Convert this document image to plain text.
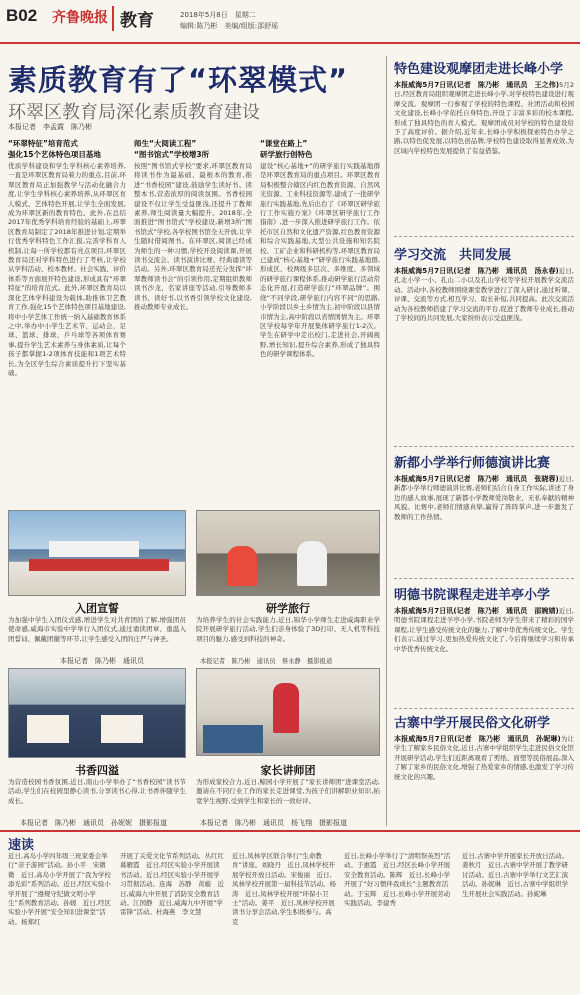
B02 齐鲁晚报 教育	2018年5月8日　星期二
编辑:陈乃彬　美编/组版:邵舒瑶
素质教育有了“环翠模式”
环翠区教育局深化素质教育建设
本报记者　李孟霞　陈乃彬
“环翠特征”培育范式
强化15个艺体特色项目基地
优质学科建设和学生学科核心素养培养,一直是环翠区教育局着力的重点,目前,环翠区教育局正加强教学与活动化融合力度,让学生学科核心素养培养,从环翠区育人模式、艺体特色开展,让学生全面发展,成为环翠区新的教育特色。此外,在总结2017年优秀学科培育经验的基础上,环翠区教育局制定了2018年推进计划,定期举行优秀学科特色工作汇报,完善学科育人机制,让每一所学校都有亮点项目,环翠区教育局还对学科特色进行了考核,让学校从学科活动、校本教材、社会实践、评价体系等方面展开特色建设,形成具有“环翠特征”的培育范式。此外,环翠区教育局以深化艺体学科建设为载体,助推体卫艺教育工作,强化15个艺体特色项目基地建设,将中小学艺体工作统一纳入基础教育体系之中,举办中小学生艺术节、运动会、足球、篮球、排球、乒乓球等各项体育赛事,提升学生艺术素养与身体素质,让每个孩子都掌握1-2项体育技能和1项艺术特长,为全区学生综合素质提升打下坚实基础。
师生“大阅读工程”
“图书馆式”学校增3所
按照“图书馆式学校”要求,环翠区教育局将读书作为最基础、最根本的教育,推进“书香校园”建设,鼓励学生读好书、读整本书,营造浓厚的阅读氛围。书香校园建设不仅让学生受益匪浅,还提升了教师素养,师生阅读量大幅提升。2018年,全面推进“图书馆式”学校建设,新增3所“图书馆式”学校,各学校图书馆全天开放,让学生随时借阅图书。在环翠区,阅读已经成为师生的一种习惯,学校开设阅读课,开展读书交流会、读书演讲比赛、经典诵读等活动。另外,环翠区教育局还充分发挥“环翠教师读书会”的引领作用,定期组织教师读书沙龙、名家讲座等活动,引导教师多读书、读好书,以书香引领学校文化建设,推动教师专业成长。
“课堂在路上”
研学旅行创特色
建设“核心基地+”的研学旅行实践基地群是环翠区教育局的重点项目。环翠区教育局积极整合辖区内红色教育资源、自然风光资源、工业科技资源等,建成了一批研学旅行实践基地,先后出台了《环翠区研学旅行工作实施方案》《环翠区研学旅行工作指南》,进一步深入推进研学旅行工作。依托市区自然和文化遗产资源,红色教育资源和综合实践基地,大型公共设施和知名院校、工矿企业和科研机构等,环翠区教育局已建成“核心基地+”研学旅行实践基地群,形成区、校两级多层次、多维度、多领域的研学旅行课程体系,推动研学旅行活动常态化开展,打造研学旅行“环翠品牌”。围绕“不同学段,研学旅行内容不同“的思路,小学阶段以乡土乡情为主,初中阶段以县情市情为主,高中阶段以省情国情为主。环翠区学校每学年开展集体研学旅行1-2次。学生在研学中走出校门,走进社会,开阔视野,增长知识,提升综合素养,形成了独具特色的研学课程体系。
入团宣誓
为加强中学生入团仪式感,增进学生对共青团的了解,增强团员使命感,威海市实验中学举行入团仪式,通过诵读团章、重温入团誓词、佩戴团徽等环节,让学生感受入团的庄严与神圣。
本报记者　陈乃彬　通讯员
研学旅行
为培养学生的社会实践能力,近日,锦华小学师生走进威海职业学院开展研学旅行活动,学生们亲身体验了3D打印、无人机等科技项目的魅力,感受到科技的神奇。
本报记者　陈乃彬　通讯员　蔡永静　摄影报道
书香四溢
为营造校园书香氛围,近日,南山小学举办了“书香校园”读书节活动,学生们在校园里静心读书,分享读书心得,让书香伴随学生成长。
本报记者　陈乃彬　通讯员　孙妮妮　摄影报道
家长讲师团
为形成家校合力,近日,鲸园小学开展了“家长讲师团”进课堂活动,邀请在不同行业工作的家长走进课堂,为孩子们讲解职业知识,拓宽学生视野,受到学生和家长的一致好评。
本报记者　陈乃彬　通讯员　杨飞翔　摄影报道
特色建设观摩团走进长峰小学
本报威海5月7日讯(记者　陈乃彬　通讯员　王之伟)5月2日,经区教育局组织观摩团走进长峰小学,对学校特色建设进行观摩交流。观摩团一行参观了学校的特色课程、社团活动和校园文化建设,长峰小学依托自身特色,开设了丰富多彩的校本课程,形成了独具特色的育人模式。观摩团成员对学校的特色建设给予了高度评价。据介绍,近年来,长峰小学积极探索特色办学之路,以特色促发展,以特色创品牌,学校特色建设取得显著成效,为区域内学校特色发展提供了有益借鉴。
学习交流　共同发展
本报威海5月7日讯(记者　陈乃彬　通讯员　汤永春)近日,孔北小学一小、孔山二小以及孔山学校等学校开展教学交流活动。活动中,各校教师围绕课堂教学进行了深入研讨,通过听课、评课、交流等方式,相互学习、取长补短,共同提高。此次交流活动为各校教师搭建了学习交流的平台,促进了教师专业成长,推动了学校间的共同发展,大家纷纷表示受益匪浅。
新都小学举行师德演讲比赛
本报威海5月7日讯(记者　陈乃彬　通讯员　张晓蓉)近日,新都小学举行师德演讲比赛,老师们结合自身工作实际,讲述了身边的感人故事,展现了新都小学教师爱岗敬业、无私奉献的精神风貌。比赛中,老师们情感真挚,赢得了阵阵掌声,进一步激发了教师的工作热情。
明德书院课程走进羊亭小学
本报威海5月7日讯(记者　陈乃彬　通讯员　邵婉婧)近日,明德书院课程走进羊亭小学,书院老师为学生带来了精彩的国学课程,让学生感受传统文化的魅力,了解中华优秀传统文化。学生们表示,通过学习,更加热爱传统文化了,今后将继续学习和传承中华优秀传统文化。
古寨中学开展民俗文化研学
本报威海5月7日讯(记者　陈乃彬　通讯员　孙妮琳)为让学生了解家乡民俗文化,近日,古寨中学组织学生走进民俗文化馆开展研学活动,学生们近距离观看了剪纸、面塑等民俗展品,深入了解了家乡的民俗文化,增强了热爱家乡的情感,也激发了学习传统文化的兴趣。
速读
近日,高岛小学四年级三班家委会举行“亲子游园”活动。孙小平　宋微微　近日,高岛小学开展了“我为学校添光彩”系列活动。近日,经区实验小学开展了“遵规守纪做文明小学生”系列教育活动。孙媛　近日,经区实验小学开展“安全知识进课堂”活动。杨郑红
开展了关爱文化节系列活动。丛红红　慕雁霞　近日,经区实验小学开展读书活动。近日,经区实验小学开展学习贯彻活动。连海　苏静　黄璇　近日,威海九中开展了消防安全教育活动。江国静　近日,威海九中开展“学雷锋”活动。杜海燕　李文慧
近日,凤林学区联合举行“生命教育”讲座。刘晓丹　近日,凤林学校开展学校开放日活动。宋俊丽　近日,凤林学校开展第一届科技节活动。杨涛　近日,凤林学校开展“环保小卫士”活动。姜平　近日,凤林学校开展读书分享会活动,学生积极参与。高克
近日,长峰小学举行了“清明祭英烈”活动。于惠霞　近日,经区长峰小学开展安全教育活动。陈辉　近日,长峰小学开展了“好习惯伴我成长”主题教育活动。于宝辉　近日,长峰小学开展劳动实践活动。李建秀
近日,古寨中学开展家长开放日活动。姜秋月　近日,古寨中学开展了教学研讨活动。近日,古寨中学举行文艺汇演活动。孙妮琳　近日,古寨中学组织学生开展社会实践活动。孙妮琳
